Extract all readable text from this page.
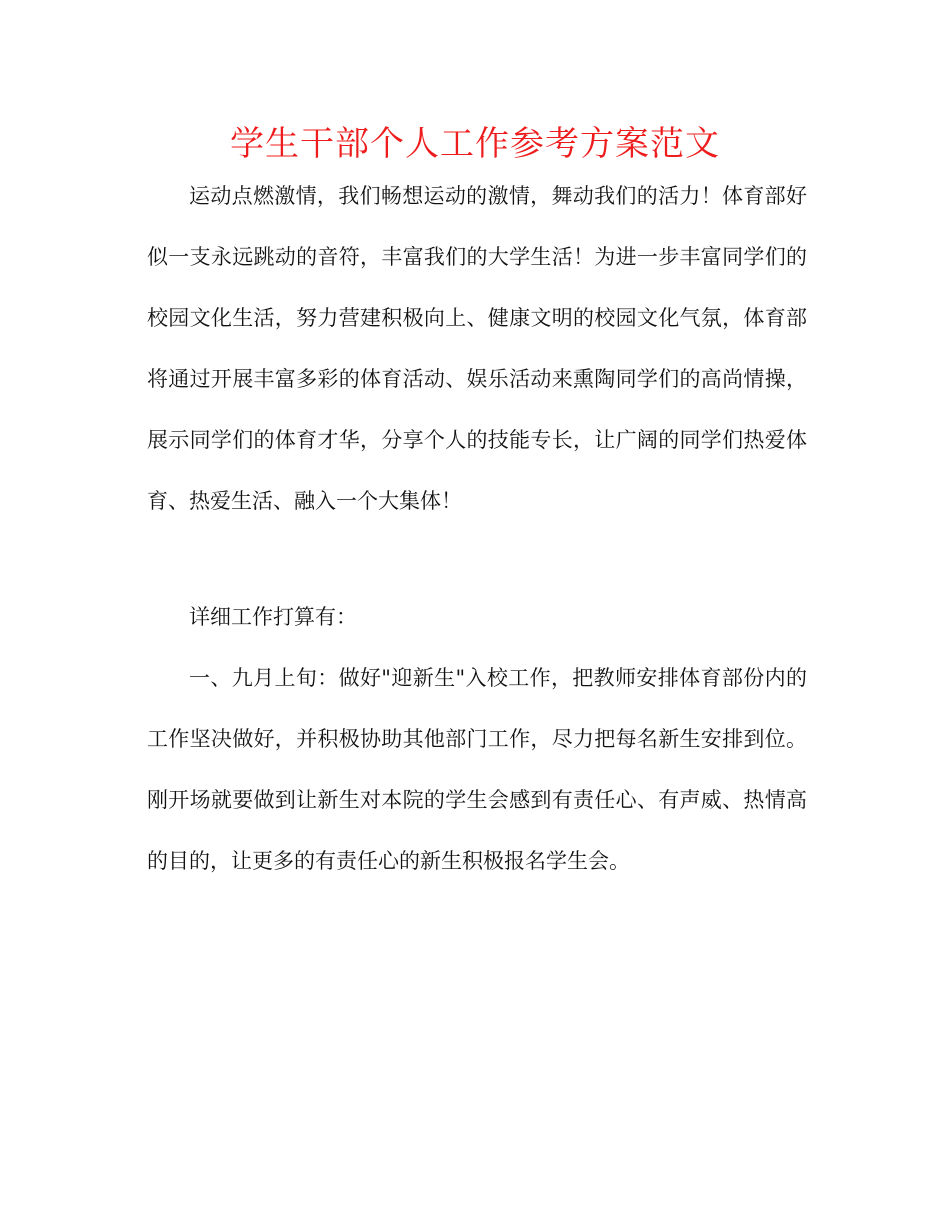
学生干部个人工作参考方案范文

运动点燃激情，我们畅想运动的激情，舞动我们的活力！体育部好似一支永远跳动的音符，丰富我们的大学生活！为进一步丰富同学们的校园文化生活，努力营建积极向上、健康文明的校园文化气氛，体育部将通过开展丰富多彩的体育活动、娱乐活动来熏陶同学们的高尚情操，展示同学们的体育才华，分享个人的技能专长，让广阔的同学们热爱体育、热爱生活、融入一个大集体！

详细工作打算有：

一、九月上旬：做好"迎新生"入校工作，把教师安排体育部份内的工作坚决做好，并积极协助其他部门工作，尽力把每名新生安排到位。刚开场就要做到让新生对本院的学生会感到有责任心、有声威、热情高的目的，让更多的有责任心的新生积极报名学生会。
